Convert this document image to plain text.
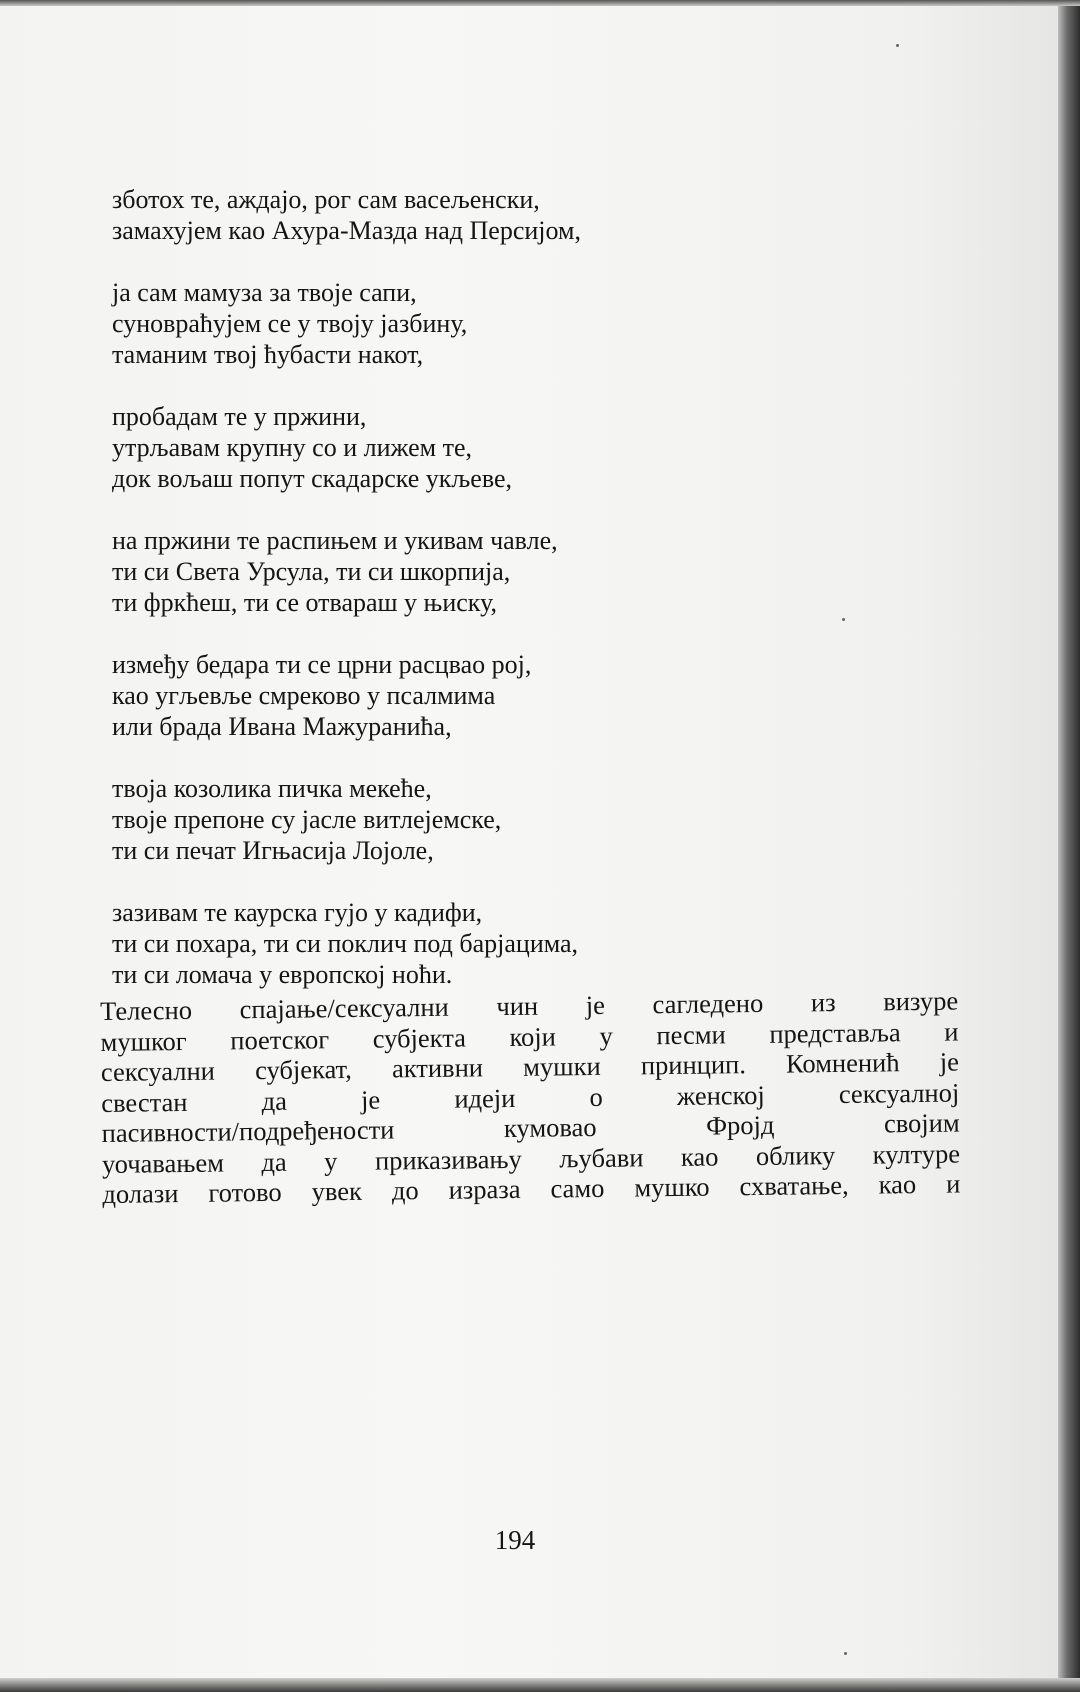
зботох те, аждајо, рог сам васељенски,
замахујем као Ахура-Мазда над Персијом,
ја сам мамуза за твоје сапи,
суновраћујем се у твоју јазбину,
таманим твој ћубасти накот,
пробадам те у пржини,
утрљавам крупну со и лижем те,
док вољаш попут скадарске укљеве,
на пржини те распињем и укивам чавле,
ти си Света Урсула, ти си шкорпија,
ти фркћеш, ти се отвараш у њиску,
између бедара ти се црни расцвао рој,
као угљевље смреково у псалмима
или брада Ивана Мажуранића,
твоја козолика пичка мекеће,
твоје препоне су јасле витлејемске,
ти си печат Игњасија Лојоле,
зазивам те каурска гујо у кадифи,
ти си похара, ти си поклич под барјацима,
ти си ломача у европској ноћи.
Телесно спајање/сексуални чин је сагледено из визуре
мушког поетског субјекта који у песми представља и
сексуални субјекат, активни мушки принцип. Комненић је
свестан да је идеји о женској сексуалној
пасивности/подређености кумовао Фројд својим
уочавањем да у приказивању љубави као облику културе
долази готово увек до израза само мушко схватање, као и
194
